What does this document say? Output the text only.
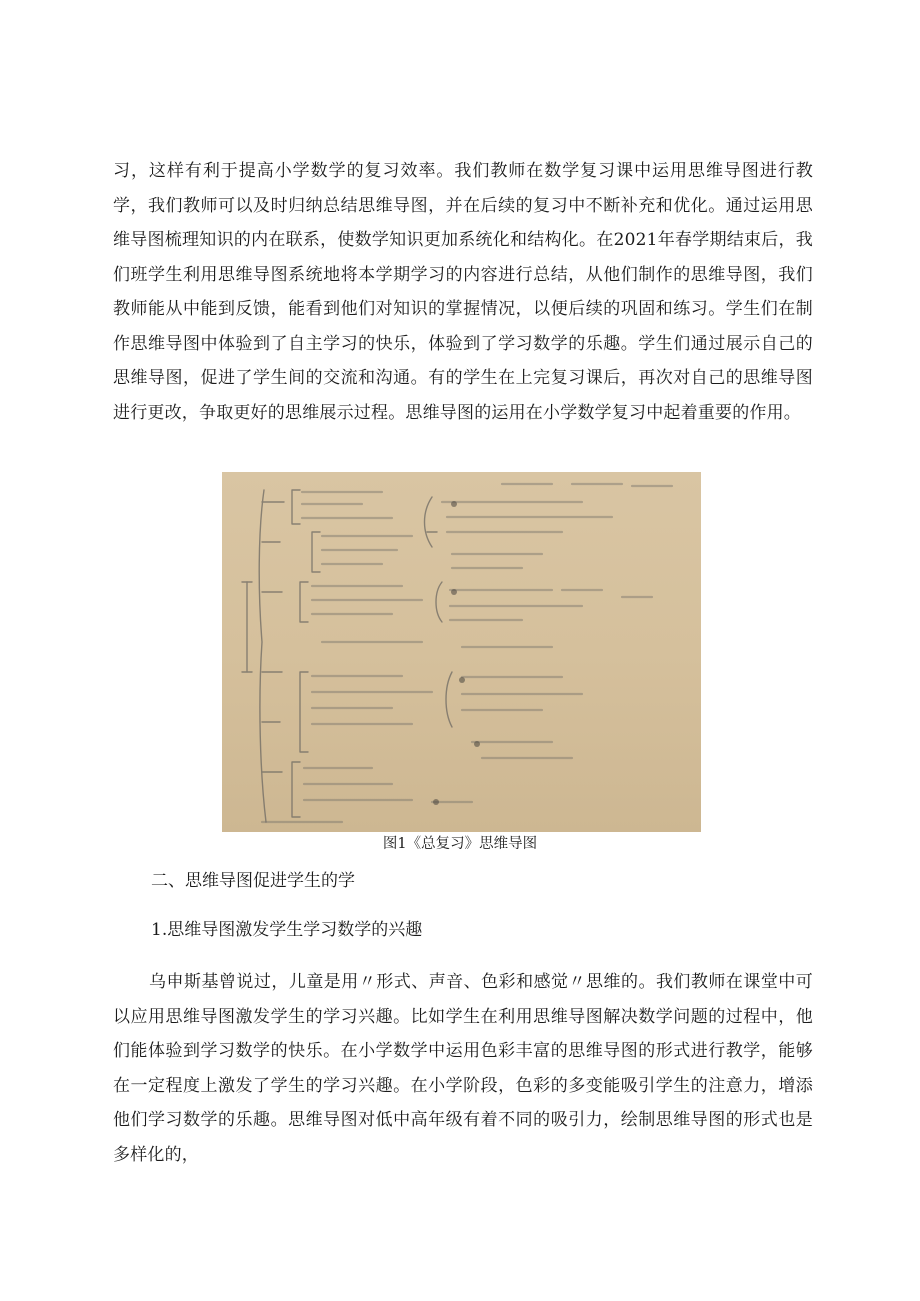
习，这样有利于提高小学数学的复习效率。我们教师在数学复习课中运用思维导图进行教学，我们教师可以及时归纳总结思维导图，并在后续的复习中不断补充和优化。通过运用思维导图梳理知识的内在联系，使数学知识更加系统化和结构化。在2021年春学期结束后，我们班学生利用思维导图系统地将本学期学习的内容进行总结，从他们制作的思维导图，我们教师能从中能到反馈，能看到他们对知识的掌握情况，以便后续的巩固和练习。学生们在制作思维导图中体验到了自主学习的快乐，体验到了学习数学的乐趣。学生们通过展示自己的思维导图，促进了学生间的交流和沟通。有的学生在上完复习课后，再次对自己的思维导图进行更改，争取更好的思维展示过程。思维导图的运用在小学数学复习中起着重要的作用。

图1《总复习》思维导图
二、思维导图促进学生的学
1.思维导图激发学生学习数学的兴趣

乌申斯基曾说过，儿童是用〃形式、声音、色彩和感觉〃思维的。我们教师在课堂中可以应用思维导图激发学生的学习兴趣。比如学生在利用思维导图解决数学问题的过程中，他们能体验到学习数学的快乐。在小学数学中运用色彩丰富的思维导图的形式进行教学，能够在一定程度上激发了学生的学习兴趣。在小学阶段，色彩的多变能吸引学生的注意力，增添他们学习数学的乐趣。思维导图对低中高年级有着不同的吸引力，绘制思维导图的形式也是多样化的，
